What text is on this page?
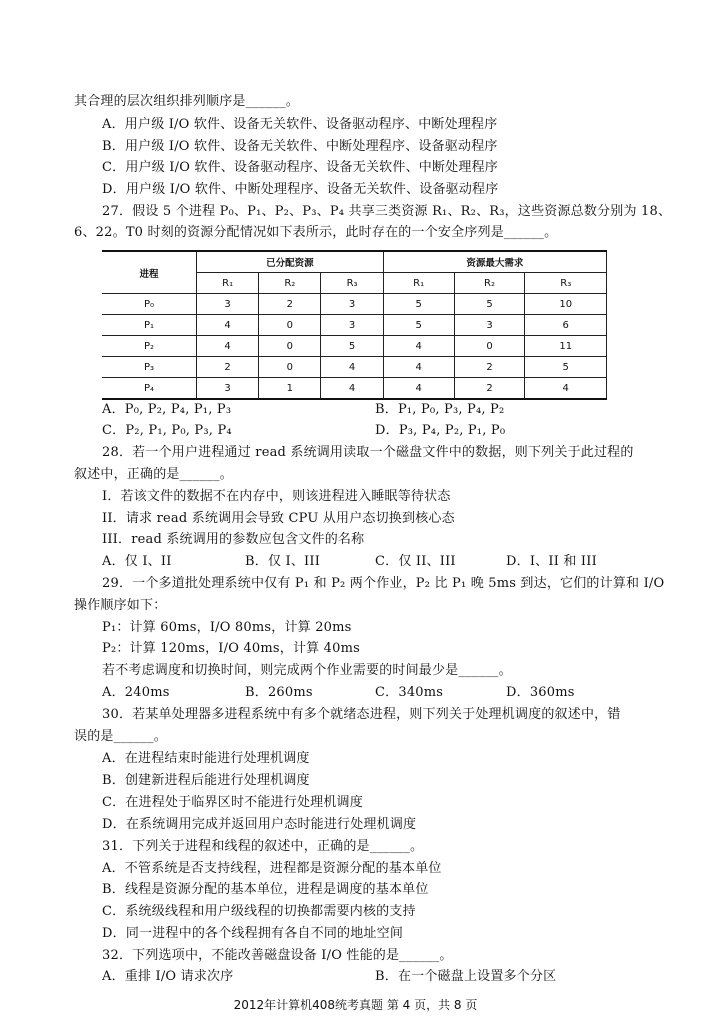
其合理的层次组织排列顺序是______。
A．用户级 I/O 软件、设备无关软件、设备驱动程序、中断处理程序
B．用户级 I/O 软件、设备无关软件、中断处理程序、设备驱动程序
C．用户级 I/O 软件、设备驱动程序、设备无关软件、中断处理程序
D．用户级 I/O 软件、中断处理程序、设备无关软件、设备驱动程序
27．假设 5 个进程 P₀、P₁、P₂、P₃、P₄ 共享三类资源 R₁、R₂、R₃，这些资源总数分别为 18、
6、22。T0 时刻的资源分配情况如下表所示，此时存在的一个安全序列是______。
进程	已分配资源			资源最大需求		
	R₁	R₂	R₃	R₁	R₂	R₃
P₀	3	2	3	5	5	10
P₁	4	0	3	5	3	6
P₂	4	0	5	4	0	11
P₃	2	0	4	4	2	5
P₄	3	1	4	4	2	4
A．P₀, P₂, P₄, P₁, P₃	B．P₁, P₀, P₃, P₄, P₂
C．P₂, P₁, P₀, P₃, P₄	D．P₃, P₄, P₂, P₁, P₀
28．若一个用户进程通过 read 系统调用读取一个磁盘文件中的数据，则下列关于此过程的
叙述中，正确的是______。
I．若该文件的数据不在内存中，则该进程进入睡眠等待状态
II．请求 read 系统调用会导致 CPU 从用户态切换到核心态
III．read 系统调用的参数应包含文件的名称
A．仅 I、II	B．仅 I、III	C．仅 II、III	D．I、II 和 III
29．一个多道批处理系统中仅有 P₁ 和 P₂ 两个作业，P₂ 比 P₁ 晚 5ms 到达，它们的计算和 I/O
操作顺序如下：
P₁：计算 60ms，I/O 80ms，计算 20ms
P₂：计算 120ms，I/O 40ms，计算 40ms
若不考虑调度和切换时间，则完成两个作业需要的时间最少是______。
A．240ms	B．260ms	C．340ms	D．360ms
30．若某单处理器多进程系统中有多个就绪态进程，则下列关于处理机调度的叙述中，错
误的是______。
A．在进程结束时能进行处理机调度
B．创建新进程后能进行处理机调度
C．在进程处于临界区时不能进行处理机调度
D．在系统调用完成并返回用户态时能进行处理机调度
31．下列关于进程和线程的叙述中，正确的是______。
A．不管系统是否支持线程，进程都是资源分配的基本单位
B．线程是资源分配的基本单位，进程是调度的基本单位
C．系统级线程和用户级线程的切换都需要内核的支持
D．同一进程中的各个线程拥有各自不同的地址空间
32．下列选项中，不能改善磁盘设备 I/O 性能的是______。
A．重排 I/O 请求次序	B．在一个磁盘上设置多个分区
2012年计算机408统考真题 第 4 页，共 8 页
